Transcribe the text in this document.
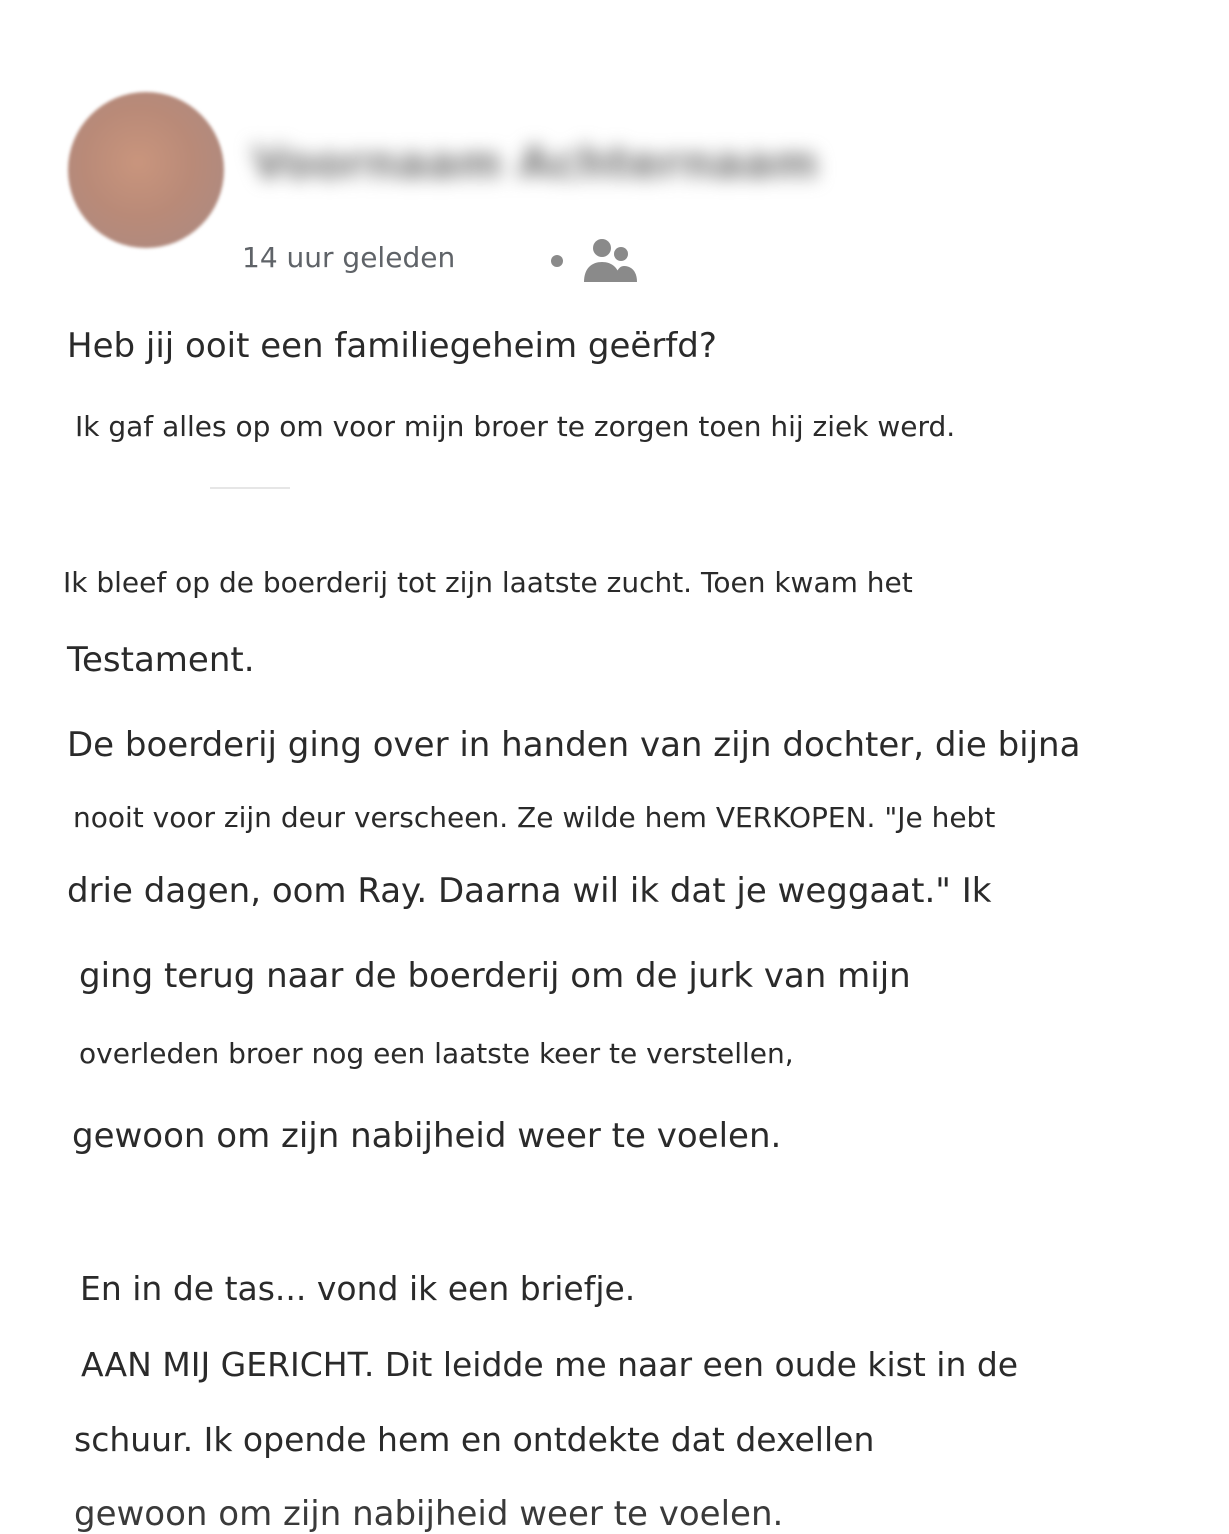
Voornaam Achternaam
14 uur geleden
Heb jij ooit een familiegeheim geërfd?
Ik gaf alles op om voor mijn broer te zorgen toen hij ziek werd.
Ik bleef op de boerderij tot zijn laatste zucht. Toen kwam het
Testament.
De boerderij ging over in handen van zijn dochter, die bijna
nooit voor zijn deur verscheen. Ze wilde hem VERKOPEN. "Je hebt
drie dagen, oom Ray. Daarna wil ik dat je weggaat." Ik
ging terug naar de boerderij om de jurk van mijn
overleden broer nog een laatste keer te verstellen,
gewoon om zijn nabijheid weer te voelen.
En in de tas... vond ik een briefje.
AAN MIJ GERICHT. Dit leidde me naar een oude kist in de
schuur. Ik opende hem en ontdekte dat dexellen
gewoon om zijn nabijheid weer te voelen.
